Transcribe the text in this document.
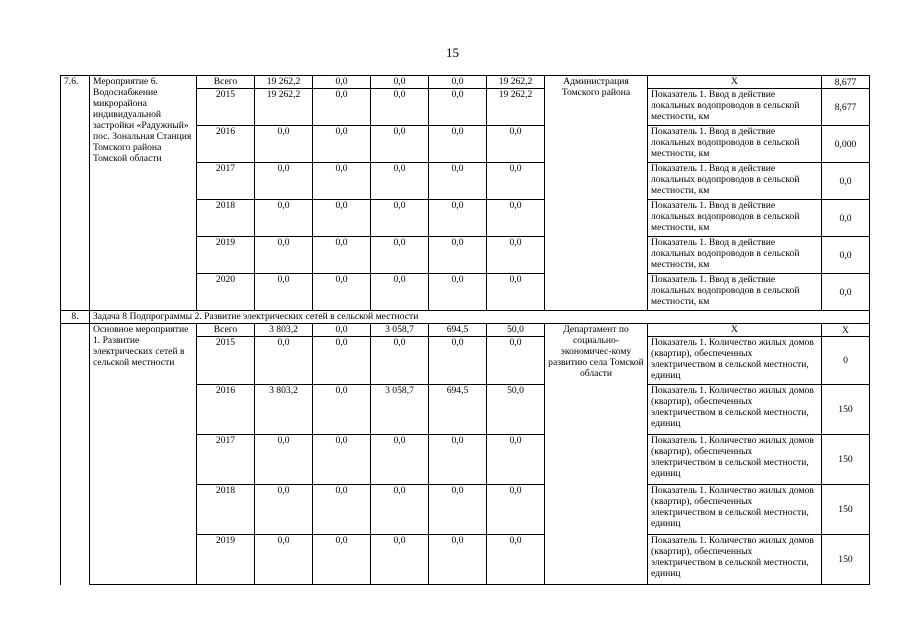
15
7.6.	Мероприятие 6. Водоснабжение микрорайона индивидуальной застройки «Радужный» пос. Зональная Станция Томского района Томской области	Всего	19 262,2	0,0	0,0	0,0	19 262,2	Администрация Томского района	Х	8,677
		2015	19 262,2	0,0	0,0	0,0	19 262,2		Показатель 1. Ввод в действие локальных водопроводов в сельской местности, км	8,677
		2016	0,0	0,0	0,0	0,0	0,0		Показатель 1. Ввод в действие локальных водопроводов в сельской местности, км	0,000
		2017	0,0	0,0	0,0	0,0	0,0		Показатель 1. Ввод в действие локальных водопроводов в сельской местности, км	0,0
		2018	0,0	0,0	0,0	0,0	0,0		Показатель 1. Ввод в действие локальных водопроводов в сельской местности, км	0,0
		2019	0,0	0,0	0,0	0,0	0,0		Показатель 1. Ввод в действие локальных водопроводов в сельской местности, км	0,0
		2020	0,0	0,0	0,0	0,0	0,0		Показатель 1. Ввод в действие локальных водопроводов в сельской местности, км	0,0
8.	Задача 8 Подпрограммы 2. Развитие электрических сетей в сельской местности									
	Основное мероприятие 1. Развитие электрических сетей в сельской местности	Всего	3 803,2	0,0	3 058,7	694,5	50,0	Департамент по социально-экономичес-кому развитию села Томской области	Х	Х
		2015	0,0	0,0	0,0	0,0	0,0		Показатель 1. Количество жилых домов (квартир), обеспеченных электричеством в сельской местности, единиц	0
		2016	3 803,2	0,0	3 058,7	694,5	50,0		Показатель 1. Количество жилых домов (квартир), обеспеченных электричеством в сельской местности, единиц	150
		2017	0,0	0,0	0,0	0,0	0,0		Показатель 1. Количество жилых домов (квартир), обеспеченных электричеством в сельской местности, единиц	150
		2018	0,0	0,0	0,0	0,0	0,0		Показатель 1. Количество жилых домов (квартир), обеспеченных электричеством в сельской местности, единиц	150
		2019	0,0	0,0	0,0	0,0	0,0		Показатель 1. Количество жилых домов (квартир), обеспеченных электричеством в сельской местности, единиц	150
